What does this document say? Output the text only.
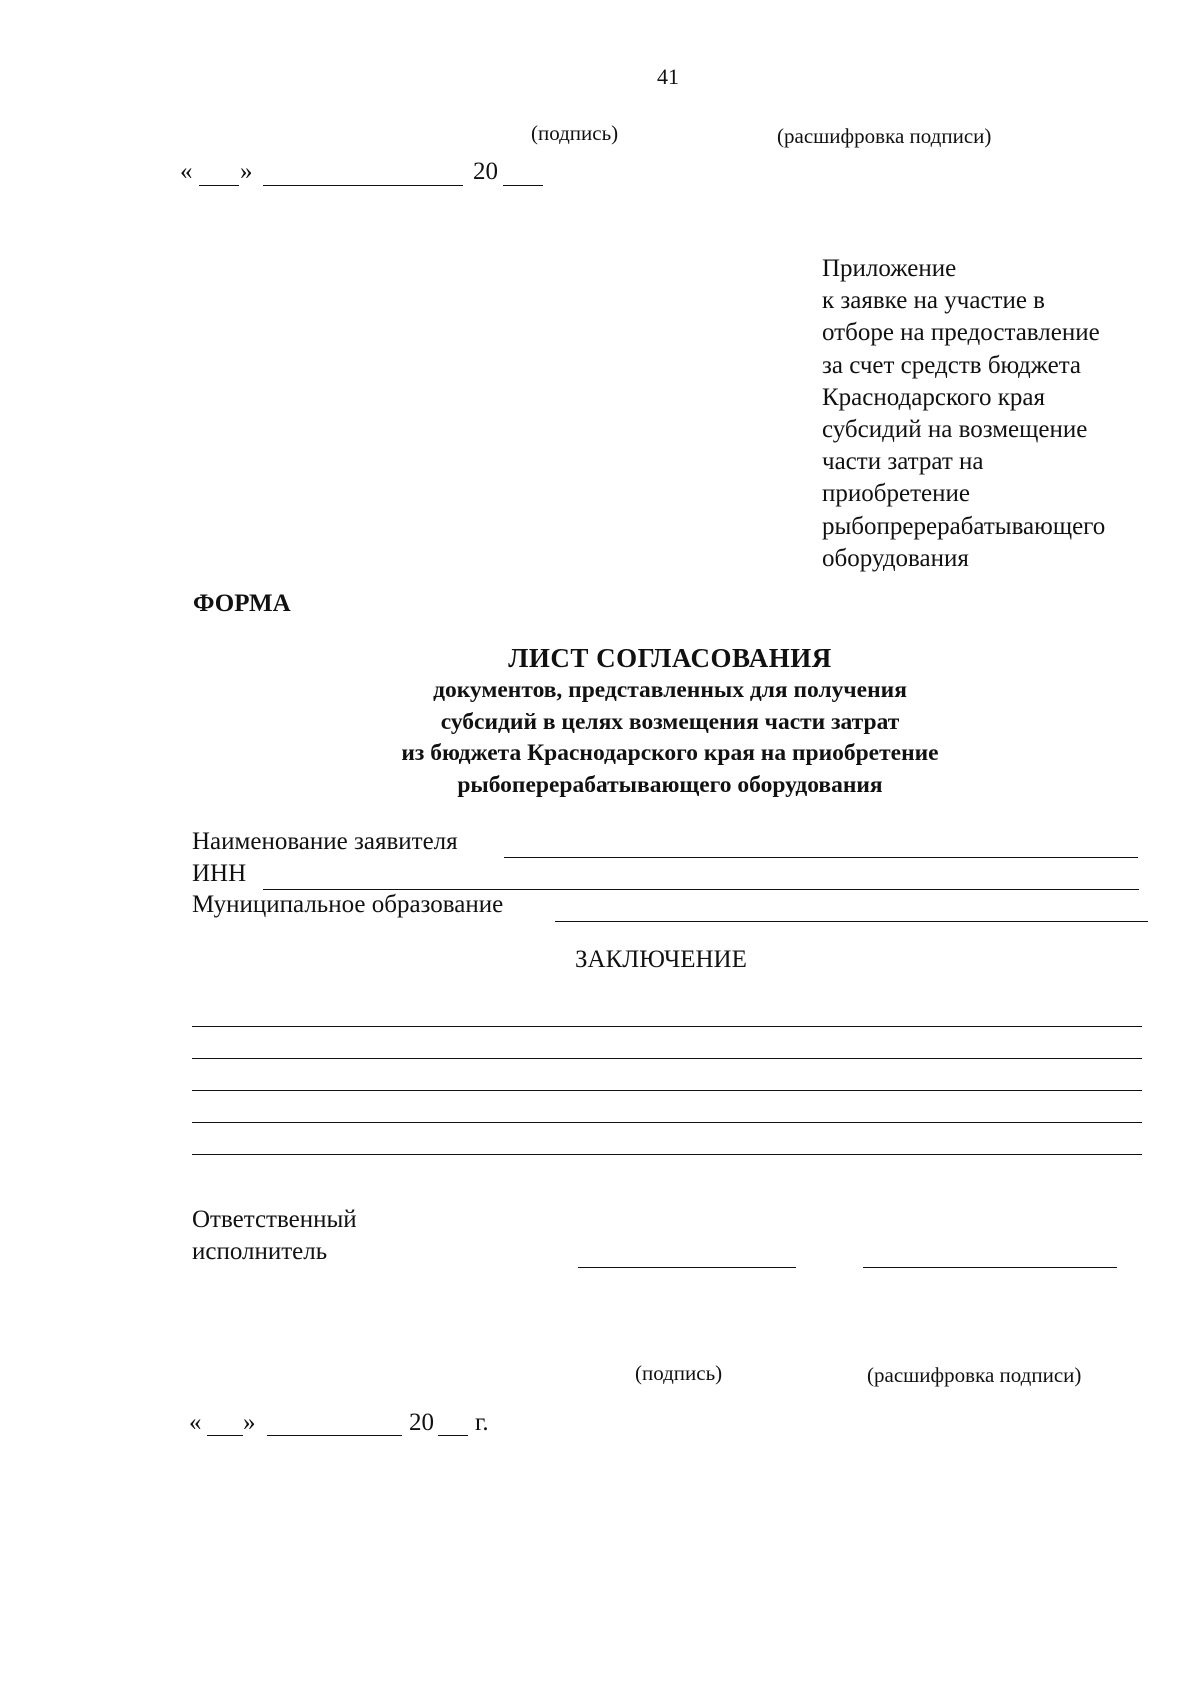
41
(подпись)	(расшифровка подписи)
« »	20
Приложение
к заявке на участие в
отборе на предоставление
за счет средств бюджета
Краснодарского края
субсидий на возмещение
части затрат на
приобретение
рыбопререрабатывающего
оборудования
ФОРМА
ЛИСТ СОГЛАСОВАНИЯ
документов, представленных для получения
субсидий в целях возмещения части затрат
из бюджета Краснодарского края на приобретение
рыбоперерабатывающего оборудования
Наименование заявителя
ИНН
Муниципальное образование
ЗАКЛЮЧЕНИЕ
Ответственный
исполнитель
(подпись)	(расшифровка подписи)
« »	20 г.
